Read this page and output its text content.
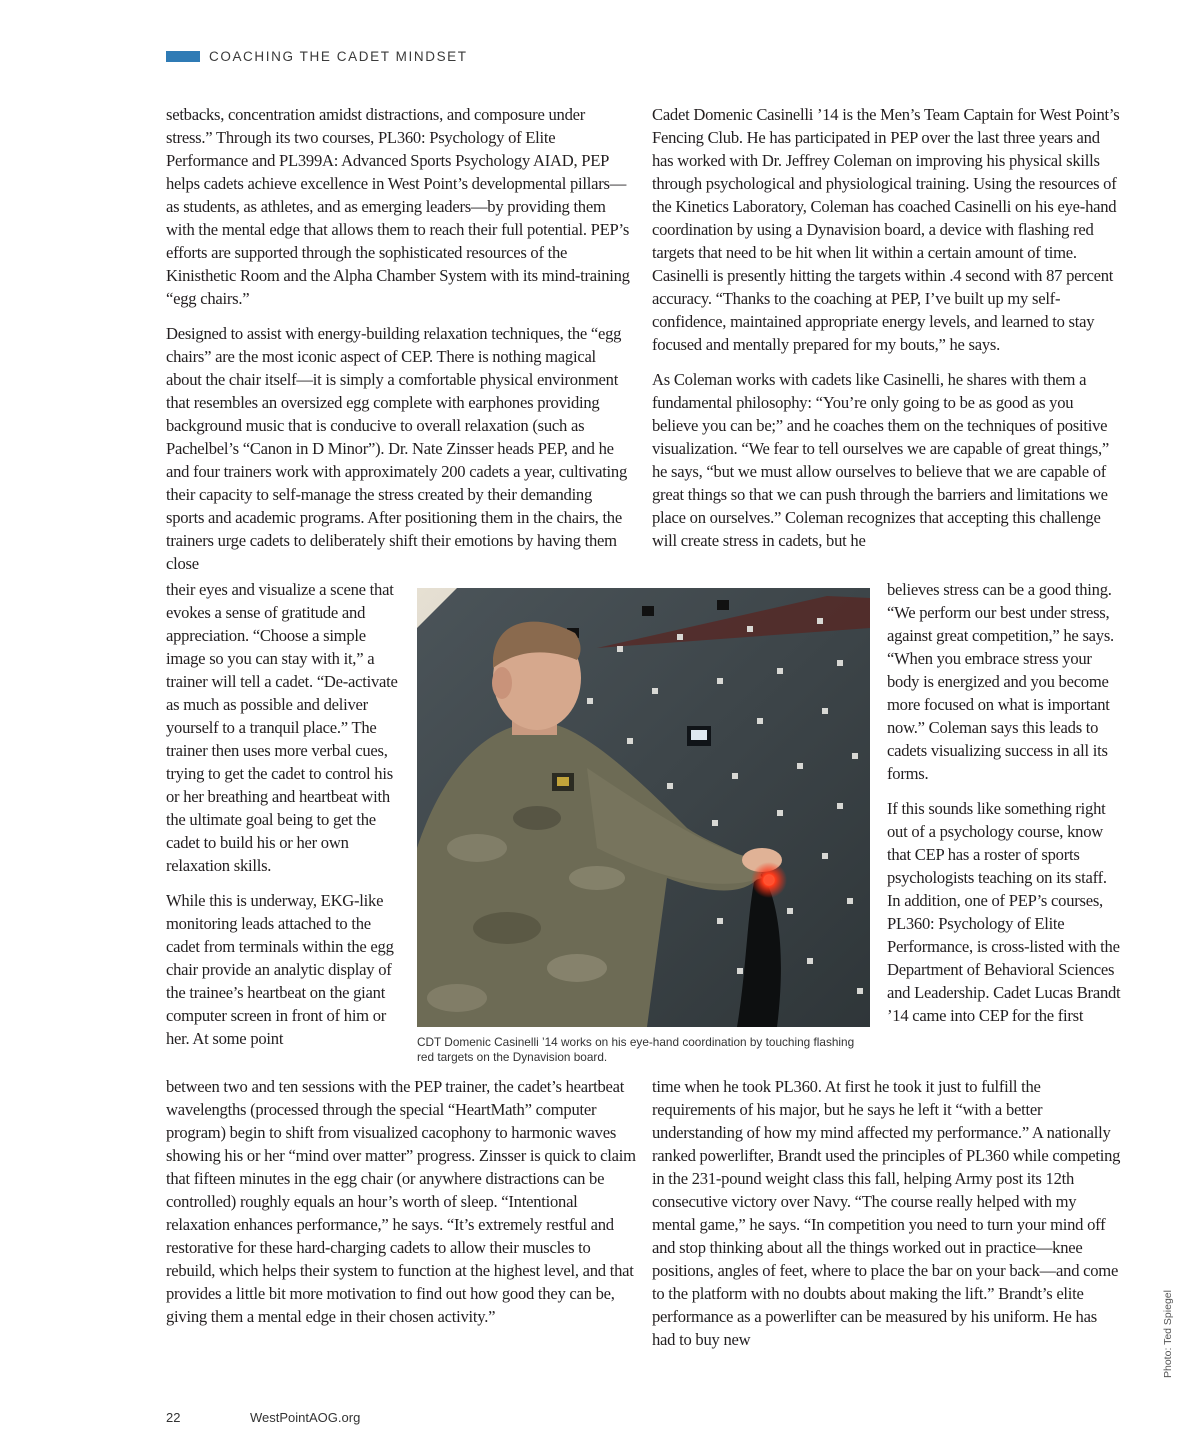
COACHING THE CADET MINDSET

setbacks, concentration amidst distractions, and composure under stress.” Through its two courses, PL360: Psychology of Elite Performance and PL399A: Advanced Sports Psychology AIAD, PEP helps cadets achieve excellence in West Point’s developmental pillars—as students, as athletes, and as emerging leaders—by providing them with the mental edge that allows them to reach their full potential. PEP’s efforts are supported through the sophisticated resources of the Kinisthetic Room and the Alpha Chamber System with its mind-training “egg chairs.”

Designed to assist with energy-building relaxation techniques, the “egg chairs” are the most iconic aspect of CEP. There is nothing magical about the chair itself—it is simply a comfortable physical environment that resembles an oversized egg complete with earphones providing background music that is conducive to overall relaxation (such as Pachelbel’s “Canon in D Minor”). Dr. Nate Zinsser heads PEP, and he and four trainers work with approximately 200 cadets a year, cultivating their capacity to self-manage the stress created by their demanding sports and academic programs. After positioning them in the chairs, the trainers urge cadets to deliberately shift their emotions by having them close

their eyes and visualize a scene that evokes a sense of gratitude and appreciation. “Choose a simple image so you can stay with it,” a trainer will tell a cadet. “De-activate as much as possible and deliver yourself to a tranquil place.” The trainer then uses more verbal cues, trying to get the cadet to control his or her breathing and heartbeat with the ultimate goal being to get the cadet to build his or her own relaxation skills.

While this is underway, EKG-like monitoring leads attached to the cadet from terminals within the egg chair provide an analytic display of the trainee’s heartbeat on the giant computer screen in front of him or her. At some point

between two and ten sessions with the PEP trainer, the cadet’s heartbeat wavelengths (processed through the special “HeartMath” computer program) begin to shift from visualized cacophony to harmonic waves showing his or her “mind over matter” progress. Zinsser is quick to claim that fifteen minutes in the egg chair (or anywhere distractions can be controlled) roughly equals an hour’s worth of sleep. “Intentional relaxation enhances performance,” he says. “It’s extremely restful and restorative for these hard-charging cadets to allow their muscles to rebuild, which helps their system to function at the highest level, and that provides a little bit more motivation to find out how good they can be, giving them a mental edge in their chosen activity.”

Cadet Domenic Casinelli ’14 is the Men’s Team Captain for West Point’s Fencing Club. He has participated in PEP over the last three years and has worked with Dr. Jeffrey Coleman on improving his physical skills through psychological and physiological training. Using the resources of the Kinetics Laboratory, Coleman has coached Casinelli on his eye-hand coordination by using a Dynavision board, a device with flashing red targets that need to be hit when lit within a certain amount of time. Casinelli is presently hitting the targets within .4 second with 87 percent accuracy. “Thanks to the coaching at PEP, I’ve built up my self-confidence, maintained appropriate energy levels, and learned to stay focused and mentally prepared for my bouts,” he says.

As Coleman works with cadets like Casinelli, he shares with them a fundamental philosophy: “You’re only going to be as good as you believe you can be;” and he coaches them on the techniques of positive visualization. “We fear to tell ourselves we are capable of great things,” he says, “but we must allow ourselves to believe that we are capable of great things so that we can push through the barriers and limitations we place on ourselves.” Coleman recognizes that accepting this challenge will create stress in cadets, but he

believes stress can be a good thing. “We perform our best under stress, against great competition,” he says. “When you embrace stress your body is energized and you become more focused on what is important now.” Coleman says this leads to cadets visualizing success in all its forms.

If this sounds like something right out of a psychology course, know that CEP has a roster of sports psychologists teaching on its staff. In addition, one of PEP’s courses, PL360: Psychology of Elite Performance, is cross-listed with the Department of Behavioral Sciences and Leadership. Cadet Lucas Brandt ’14 came into CEP for the first

time when he took PL360. At first he took it just to fulfill the requirements of his major, but he says he left it “with a better understanding of how my mind affected my performance.” A nationally ranked powerlifter, Brandt used the principles of PL360 while competing in the 231-pound weight class this fall, helping Army post its 12th consecutive victory over Navy. “The course really helped with my mental game,” he says. “In competition you need to turn your mind off and stop thinking about all the things worked out in practice—knee positions, angles of feet, where to place the bar on your back—and come to the platform with no doubts about making the lift.” Brandt’s elite performance as a powerlifter can be measured by his uniform. He has had to buy new

CDT Domenic Casinelli ’14 works on his eye-hand coordination by touching flashing red targets on the Dynavision board.
Photo: Ted Spiegel
22	WestPointAOG.org
